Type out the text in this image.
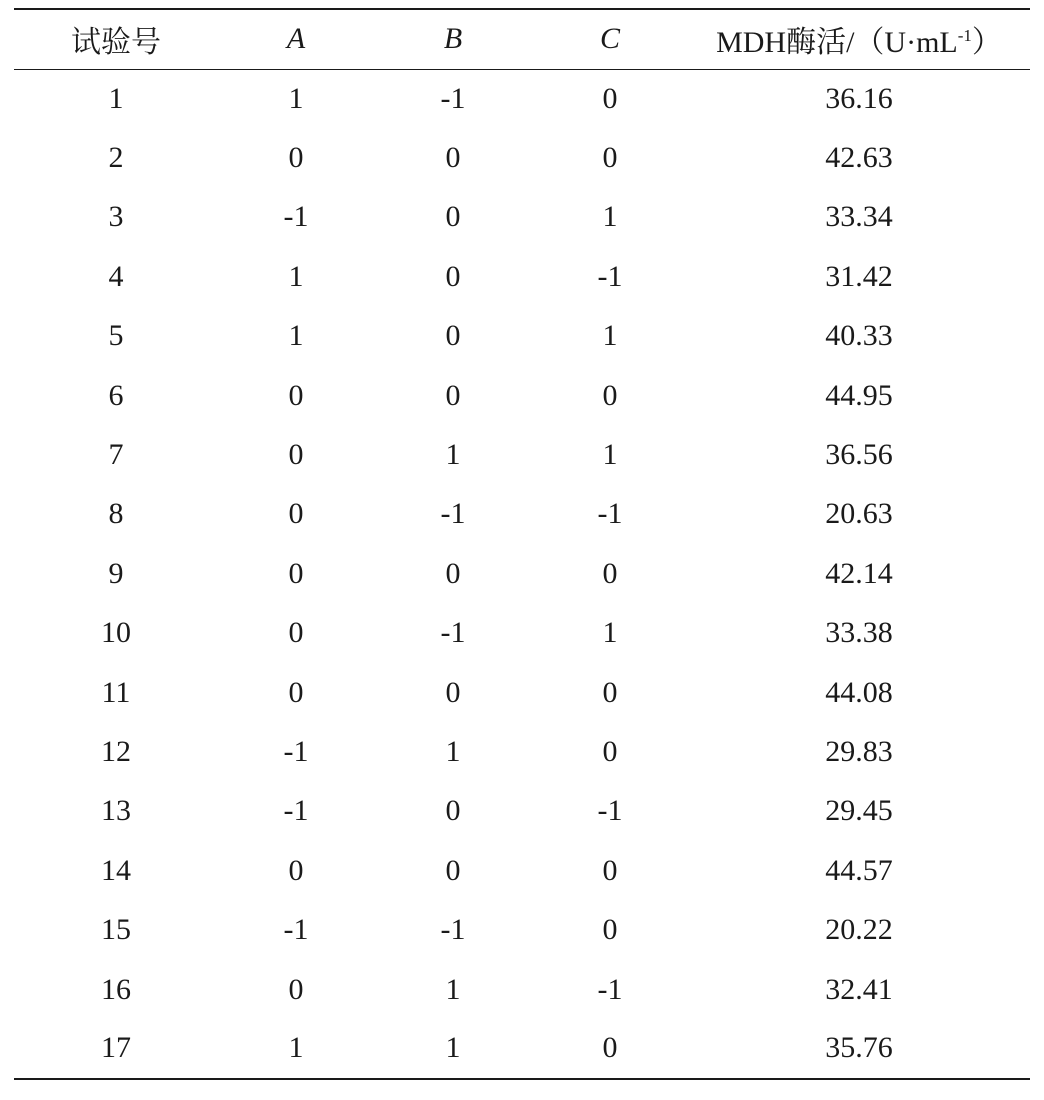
试验号	A	B	C	MDH酶活$/(U\cdot mL^{-1})$
1	1	-1	0	36.16
2	0	0	0	42.63
3	-1	0	1	33.34
4	1	0	-1	31.42
5	1	0	1	40.33
6	0	0	0	44.95
7	0	1	1	36.56
8	0	-1	-1	20.63
9	0	0	0	42.14
10	0	-1	1	33.38
11	0	0	0	44.08
12	-1	1	0	29.83
13	-1	0	-1	29.45
14	0	0	0	44.57
15	-1	-1	0	20.22
16	0	1	-1	32.41
17	1	1	0	35.76
